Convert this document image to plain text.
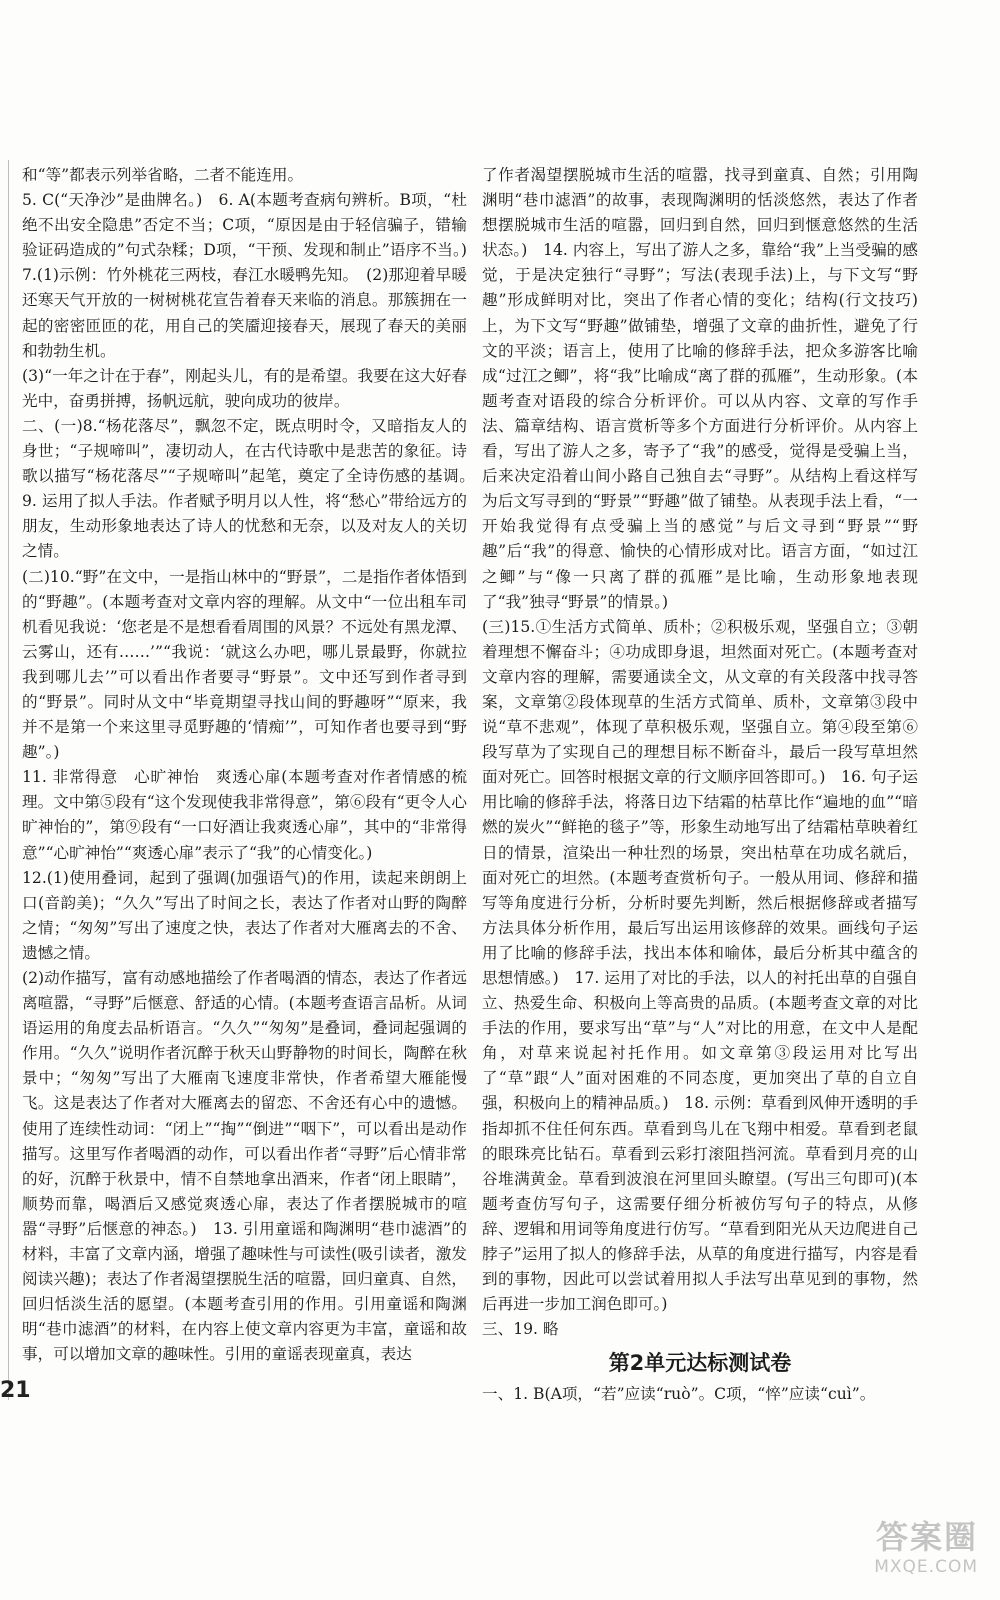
和“等”都表示列举省略，二者不能连用。

5. C(“天净沙”是曲牌名。)　6. A(本题考查病句辨析。B项，“杜绝不出安全隐患”否定不当；C项，“原因是由于轻信骗子，错输验证码造成的”句式杂糅；D项，“干预、发现和制止”语序不当。)　7.(1)示例：竹外桃花三两枝，春江水暖鸭先知。　(2)那迎着早暖还寒天气开放的一树树桃花宣告着春天来临的消息。那簇拥在一起的密密匝匝的花，用自己的笑靥迎接春天，展现了春天的美丽和勃勃生机。

(3)“一年之计在于春”，刚起头儿，有的是希望。我要在这大好春光中，奋勇拼搏，扬帆远航，驶向成功的彼岸。

二、(一)8.“杨花落尽”，飘忽不定，既点明时令，又暗指友人的身世；“子规啼叫”，凄切动人，在古代诗歌中是悲苦的象征。诗歌以描写“杨花落尽”“子规啼叫”起笔，奠定了全诗伤感的基调。　9. 运用了拟人手法。作者赋予明月以人性，将“愁心”带给远方的朋友，生动形象地表达了诗人的忧愁和无奈，以及对友人的关切之情。

(二)10.“野”在文中，一是指山林中的“野景”，二是指作者体悟到的“野趣”。(本题考查对文章内容的理解。从文中“一位出租车司机看见我说：‘您老是不是想看看周围的风景？不远处有黑龙潭、云雾山，还有……’”“我说：‘就这么办吧，哪儿景最野，你就拉我到哪儿去’”可以看出作者要寻“野景”。文中还写到作者寻到的“野景”。同时从文中“毕竟期望寻找山间的野趣呀”“原来，我并不是第一个来这里寻觅野趣的‘情痴’”，可知作者也要寻到“野趣”。)

11. 非常得意　心旷神怡　爽透心扉(本题考查对作者情感的梳理。文中第⑤段有“这个发现使我非常得意”，第⑥段有“更令人心旷神怡的”，第⑨段有“一口好酒让我爽透心扉”，其中的“非常得意”“心旷神怡”“爽透心扉”表示了“我”的心情变化。)

12.(1)使用叠词，起到了强调(加强语气)的作用，读起来朗朗上口(音韵美)；“久久”写出了时间之长，表达了作者对山野的陶醉之情；“匆匆”写出了速度之快，表达了作者对大雁离去的不舍、遗憾之情。

(2)动作描写，富有动感地描绘了作者喝酒的情态，表达了作者远离喧嚣，“寻野”后惬意、舒适的心情。(本题考查语言品析。从词语运用的角度去品析语言。“久久”“匆匆”是叠词，叠词起强调的作用。“久久”说明作者沉醉于秋天山野静物的时间长，陶醉在秋景中；“匆匆”写出了大雁南飞速度非常快，作者希望大雁能慢飞。这是表达了作者对大雁离去的留恋、不舍还有心中的遗憾。使用了连续性动词：“闭上”“掏”“倒进”“咽下”，可以看出是动作描写。这里写作者喝酒的动作，可以看出作者“寻野”后心情非常的好，沉醉于秋景中，情不自禁地拿出酒来，作者“闭上眼睛”，顺势而靠，喝酒后又感觉爽透心扉，表达了作者摆脱城市的喧嚣“寻野”后惬意的神态。)　13. 引用童谣和陶渊明“巷巾滤酒”的材料，丰富了文章内涵，增强了趣味性与可读性(吸引读者，激发阅读兴趣)；表达了作者渴望摆脱生活的喧嚣，回归童真、自然，回归恬淡生活的愿望。(本题考查引用的作用。引用童谣和陶渊明“巷巾滤酒”的材料，在内容上使文章内容更为丰富，童谣和故事，可以增加文章的趣味性。引用的童谣表现童真，表达

了作者渴望摆脱城市生活的喧嚣，找寻到童真、自然；引用陶渊明“巷巾滤酒”的故事，表现陶渊明的恬淡悠然，表达了作者想摆脱城市生活的喧嚣，回归到自然，回归到惬意悠然的生活状态。)　14. 内容上，写出了游人之多，靠给“我”上当受骗的感觉，于是决定独行“寻野”；写法(表现手法)上，与下文写“野趣”形成鲜明对比，突出了作者心情的变化；结构(行文技巧)上，为下文写“野趣”做铺垫，增强了文章的曲折性，避免了行文的平淡；语言上，使用了比喻的修辞手法，把众多游客比喻成“过江之鲫”，将“我”比喻成“离了群的孤雁”，生动形象。(本题考查对语段的综合分析评价。可以从内容、文章的写作手法、篇章结构、语言赏析等多个方面进行分析评价。从内容上看，写出了游人之多，寄予了“我”的感受，觉得是受骗上当，后来决定沿着山间小路自己独自去“寻野”。从结构上看这样写为后文写寻到的“野景”“野趣”做了铺垫。从表现手法上看，“一开始我觉得有点受骗上当的感觉”与后文寻到“野景”“野趣”后“我”的得意、愉快的心情形成对比。语言方面，“如过江之鲫”与“像一只离了群的孤雁”是比喻，生动形象地表现了“我”独寻“野景”的情景。)

(三)15.①生活方式简单、质朴；②积极乐观，坚强自立；③朝着理想不懈奋斗；④功成即身退，坦然面对死亡。(本题考查对文章内容的理解，需要通读全文，从文章的有关段落中找寻答案，文章第②段体现草的生活方式简单、质朴，文章第③段中说“草不悲观”，体现了草积极乐观，坚强自立。第④段至第⑥段写草为了实现自己的理想目标不断奋斗，最后一段写草坦然面对死亡。回答时根据文章的行文顺序回答即可。)　16. 句子运用比喻的修辞手法，将落日边下结霜的枯草比作“遍地的血”“暗燃的炭火”“鲜艳的毯子”等，形象生动地写出了结霜枯草映着红日的情景，渲染出一种壮烈的场景，突出枯草在功成名就后，面对死亡的坦然。(本题考查赏析句子。一般从用词、修辞和描写等角度进行分析，分析时要先判断，然后根据修辞或者描写方法具体分析作用，最后写出运用该修辞的效果。画线句子运用了比喻的修辞手法，找出本体和喻体，最后分析其中蕴含的思想情感。)　17. 运用了对比的手法，以人的衬托出草的自强自立、热爱生命、积极向上等高贵的品质。(本题考查文章的对比手法的作用，要求写出“草”与“人”对比的用意，在文中人是配角，对草来说起衬托作用。如文章第③段运用对比写出了“草”跟“人”面对困难的不同态度，更加突出了草的自立自强，积极向上的精神品质。)　18. 示例：草看到风伸开透明的手指却抓不住任何东西。草看到鸟儿在飞翔中相爱。草看到老鼠的眼珠亮比钻石。草看到云彩打滚阻挡河流。草看到月亮的山谷堆满黄金。草看到波浪在河里回头瞭望。(写出三句即可)(本题考查仿写句子，这需要仔细分析被仿写句子的特点，从修辞、逻辑和用词等角度进行仿写。“草看到阳光从天边爬进自己脖子”运用了拟人的修辞手法，从草的角度进行描写，内容是看到的事物，因此可以尝试着用拟人手法写出草见到的事物，然后再进一步加工润色即可。)

三、19. 略

第2单元达标测试卷

一、1. B(A项，“若”应读“ruò”。C项，“悴”应读“cuì”。

21
答案圈
MXQE.COM
